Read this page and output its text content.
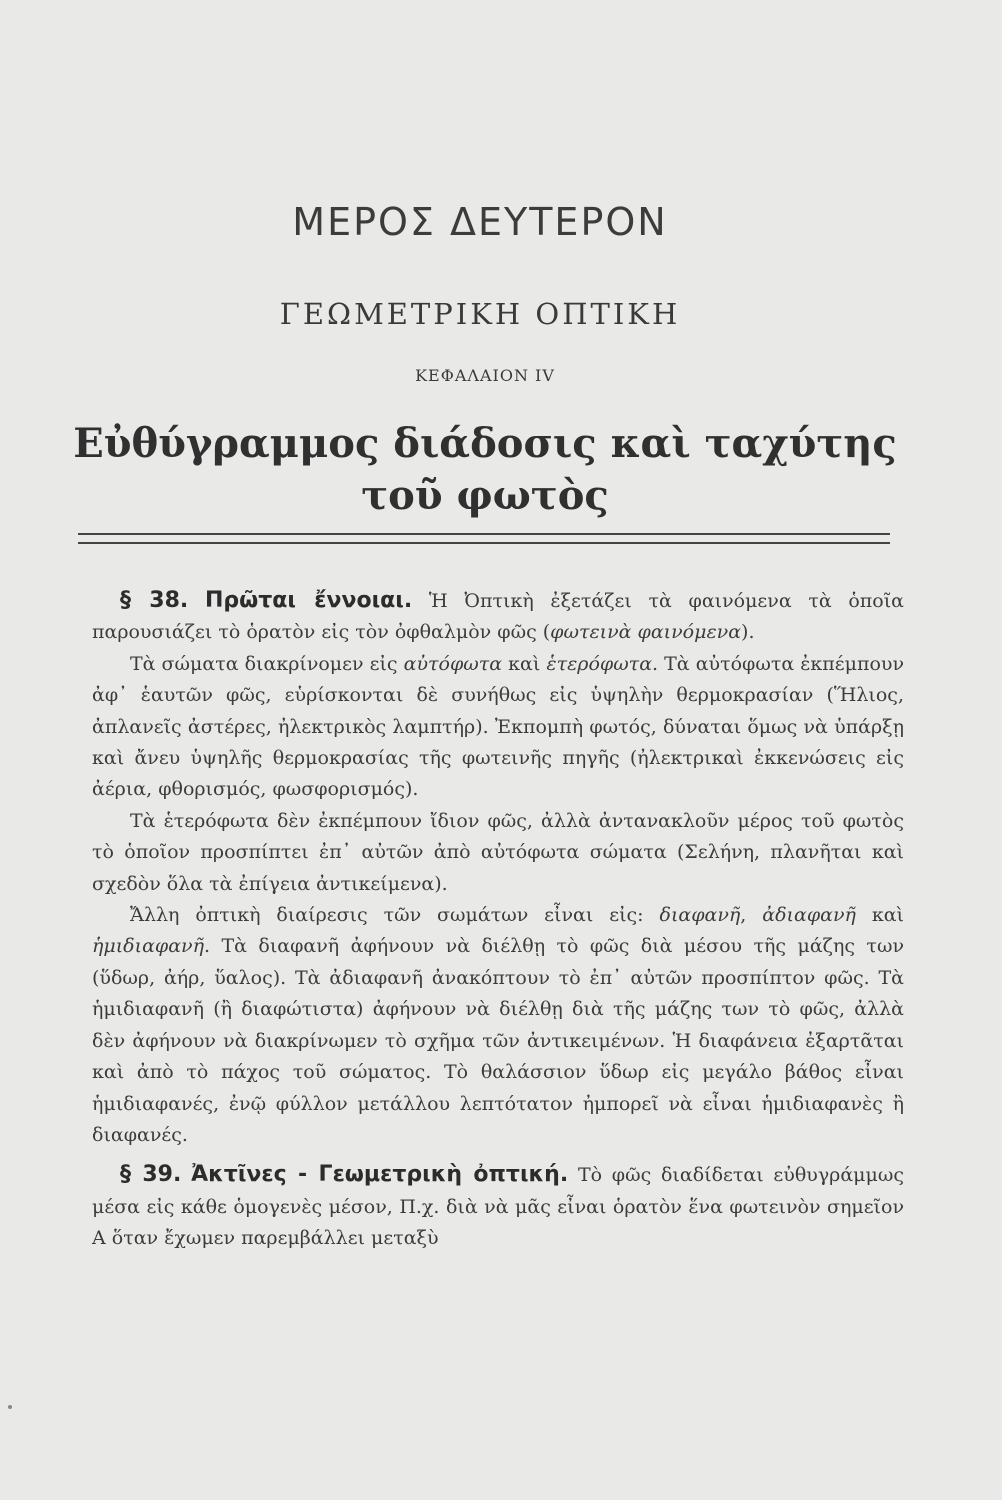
ΜΕΡΟΣ ΔΕΥΤΕΡΟΝ
ΓΕΩΜΕΤΡΙΚΗ ΟΠΤΙΚΗ
ΚΕΦΑΛΑΙΟΝ IV
Εὐθύγραμμος διάδοσις καὶ ταχύτης τοῦ φωτὸς

§ 38. Πρῶται ἔννοιαι. Ἡ Ὀπτικὴ ἐξετάζει τὰ φαινόμενα τὰ ὁποῖα παρουσιάζει τὸ ὁρατὸν εἰς τὸν ὀφθαλμὸν φῶς (φωτεινὰ φαινόμενα).

Τὰ σώματα διακρίνομεν εἰς αὐτόφωτα καὶ ἑτερόφωτα. Τὰ αὐτόφωτα ἐκπέμπουν ἀφ᾽ ἑαυτῶν φῶς, εὑρίσκονται δὲ συνήθως εἰς ὑψηλὴν θερμοκρασίαν (Ἥλιος, ἀπλανεῖς ἀστέρες, ἠλεκτρικὸς λαμπτήρ). Ἐκπομπὴ φωτός, δύναται ὅμως νὰ ὑπάρξῃ καὶ ἄνευ ὑψηλῆς θερμοκρασίας τῆς φωτεινῆς πηγῆς (ἠλεκτρικαὶ ἐκκενώσεις εἰς ἀέρια, φθορισμός, φωσφορισμός).

Τὰ ἑτερόφωτα δὲν ἐκπέμπουν ἴδιον φῶς, ἀλλὰ ἀντανακλοῦν μέρος τοῦ φωτὸς τὸ ὁποῖον προσπίπτει ἐπ᾽ αὐτῶν ἀπὸ αὐτόφωτα σώματα (Σελήνη, πλανῆται καὶ σχεδὸν ὅλα τὰ ἐπίγεια ἀντικείμενα).

Ἄλλη ὀπτικὴ διαίρεσις τῶν σωμάτων εἶναι εἰς: διαφανῆ, ἀδιαφανῆ καὶ ἡμιδιαφανῆ. Τὰ διαφανῆ ἀφήνουν νὰ διέλθῃ τὸ φῶς διὰ μέσου τῆς μάζης των (ὕδωρ, ἀήρ, ὕαλος). Τὰ ἀδιαφανῆ ἀνακόπτουν τὸ ἐπ᾽ αὐτῶν προσπίπτον φῶς. Τὰ ἡμιδιαφανῆ (ἢ διαφώτιστα) ἀφήνουν νὰ διέλθῃ διὰ τῆς μάζης των τὸ φῶς, ἀλλὰ δὲν ἀφήνουν νὰ διακρίνωμεν τὸ σχῆμα τῶν ἀντικειμένων. Ἡ διαφάνεια ἐξαρτᾶται καὶ ἀπὸ τὸ πάχος τοῦ σώματος. Τὸ θαλάσσιον ὕδωρ εἰς μεγάλο βάθος εἶναι ἡμιδιαφανές, ἐνῷ φύλλον μετάλλου λεπτότατον ἠμπορεῖ νὰ εἶναι ἡμιδιαφανὲς ἢ διαφανές.

§ 39. Ἀκτῖνες - Γεωμετρικὴ ὀπτική. Τὸ φῶς διαδίδεται εὐθυγράμμως μέσα εἰς κάθε ὁμογενὲς μέσον, Π.χ. διὰ νὰ μᾶς εἶναι ὁρατὸν ἕνα φωτεινὸν σημεῖον Α ὅταν ἔχωμεν παρεμβάλλει μεταξὺ
